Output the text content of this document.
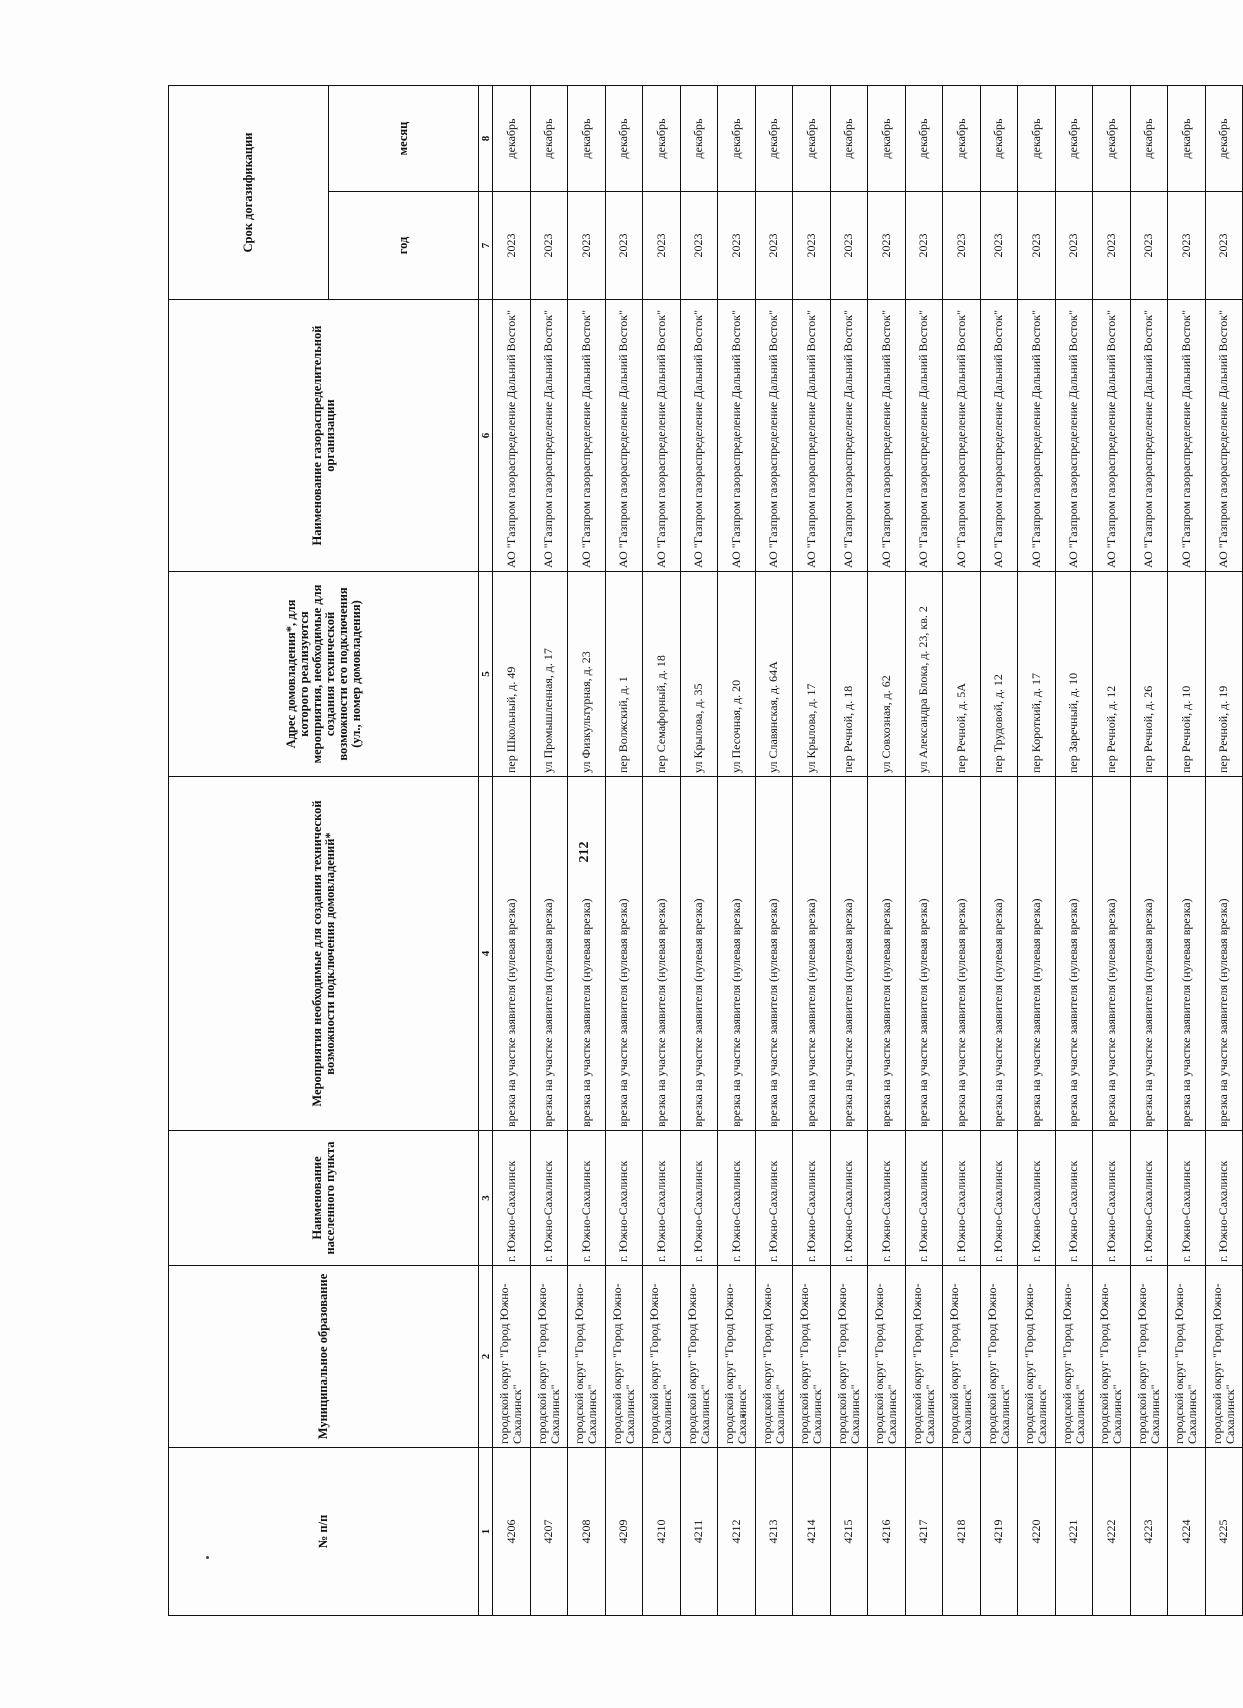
212
№ п/п	Муниципальное образование	Наименование населенного пункта	Мероприятия необходимые для создания технической возможности подключения домовладений*	Адрес домовладения*, для которого реализуются мероприятия, необходимые для создания технической возможности его подключения (ул., номер домовладения)	Наименование газораспределительной организации	Срок догазификации	
						год	месяц
1	2	3	4	5	6	7	8
4206	городской округ "Город Южно-Сахалинск"	г. Южно-Сахалинск	врезка на участке заявителя (нулевая врезка)	пер Школьный, д. 49	АО "Газпром газораспределение Дальний Восток"	2023	декабрь
4207	городской округ "Город Южно-Сахалинск"	г. Южно-Сахалинск	врезка на участке заявителя (нулевая врезка)	ул Промышленная, д. 17	АО "Газпром газораспределение Дальний Восток"	2023	декабрь
4208	городской округ "Город Южно-Сахалинск"	г. Южно-Сахалинск	врезка на участке заявителя (нулевая врезка)	ул Физкультурная, д. 23	АО "Газпром газораспределение Дальний Восток"	2023	декабрь
4209	городской округ "Город Южно-Сахалинск"	г. Южно-Сахалинск	врезка на участке заявителя (нулевая врезка)	пер Волжский, д. 1	АО "Газпром газораспределение Дальний Восток"	2023	декабрь
4210	городской округ "Город Южно-Сахалинск"	г. Южно-Сахалинск	врезка на участке заявителя (нулевая врезка)	пер Семафорный, д. 18	АО "Газпром газораспределение Дальний Восток"	2023	декабрь
4211	городской округ "Город Южно-Сахалинск"	г. Южно-Сахалинск	врезка на участке заявителя (нулевая врезка)	ул Крылова, д. 35	АО "Газпром газораспределение Дальний Восток"	2023	декабрь
4212	городской округ "Город Южно-Сахалинск"	г. Южно-Сахалинск	врезка на участке заявителя (нулевая врезка)	ул Песочная, д. 20	АО "Газпром газораспределение Дальний Восток"	2023	декабрь
4213	городской округ "Город Южно-Сахалинск"	г. Южно-Сахалинск	врезка на участке заявителя (нулевая врезка)	ул Славянская, д. 64А	АО "Газпром газораспределение Дальний Восток"	2023	декабрь
4214	городской округ "Город Южно-Сахалинск"	г. Южно-Сахалинск	врезка на участке заявителя (нулевая врезка)	ул Крылова, д. 17	АО "Газпром газораспределение Дальний Восток"	2023	декабрь
4215	городской округ "Город Южно-Сахалинск"	г. Южно-Сахалинск	врезка на участке заявителя (нулевая врезка)	пер Речной, д. 18	АО "Газпром газораспределение Дальний Восток"	2023	декабрь
4216	городской округ "Город Южно-Сахалинск"	г. Южно-Сахалинск	врезка на участке заявителя (нулевая врезка)	ул Совхозная, д. 62	АО "Газпром газораспределение Дальний Восток"	2023	декабрь
4217	городской округ "Город Южно-Сахалинск"	г. Южно-Сахалинск	врезка на участке заявителя (нулевая врезка)	ул Александра Блока, д. 23, кв. 2	АО "Газпром газораспределение Дальний Восток"	2023	декабрь
4218	городской округ "Город Южно-Сахалинск"	г. Южно-Сахалинск	врезка на участке заявителя (нулевая врезка)	пер Речной, д. 5А	АО "Газпром газораспределение Дальний Восток"	2023	декабрь
4219	городской округ "Город Южно-Сахалинск"	г. Южно-Сахалинск	врезка на участке заявителя (нулевая врезка)	пер Трудовой, д. 12	АО "Газпром газораспределение Дальний Восток"	2023	декабрь
4220	городской округ "Город Южно-Сахалинск"	г. Южно-Сахалинск	врезка на участке заявителя (нулевая врезка)	пер Короткий, д. 17	АО "Газпром газораспределение Дальний Восток"	2023	декабрь
4221	городской округ "Город Южно-Сахалинск"	г. Южно-Сахалинск	врезка на участке заявителя (нулевая врезка)	пер Заречный, д. 10	АО "Газпром газораспределение Дальний Восток"	2023	декабрь
4222	городской округ "Город Южно-Сахалинск"	г. Южно-Сахалинск	врезка на участке заявителя (нулевая врезка)	пер Речной, д. 12	АО "Газпром газораспределение Дальний Восток"	2023	декабрь
4223	городской округ "Город Южно-Сахалинск"	г. Южно-Сахалинск	врезка на участке заявителя (нулевая врезка)	пер Речной, д. 26	АО "Газпром газораспределение Дальний Восток"	2023	декабрь
4224	городской округ "Город Южно-Сахалинск"	г. Южно-Сахалинск	врезка на участке заявителя (нулевая врезка)	пер Речной, д. 10	АО "Газпром газораспределение Дальний Восток"	2023	декабрь
4225	городской округ "Город Южно-Сахалинск"	г. Южно-Сахалинск	врезка на участке заявителя (нулевая врезка)	пер Речной, д. 19	АО "Газпром газораспределение Дальний Восток"	2023	декабрь
